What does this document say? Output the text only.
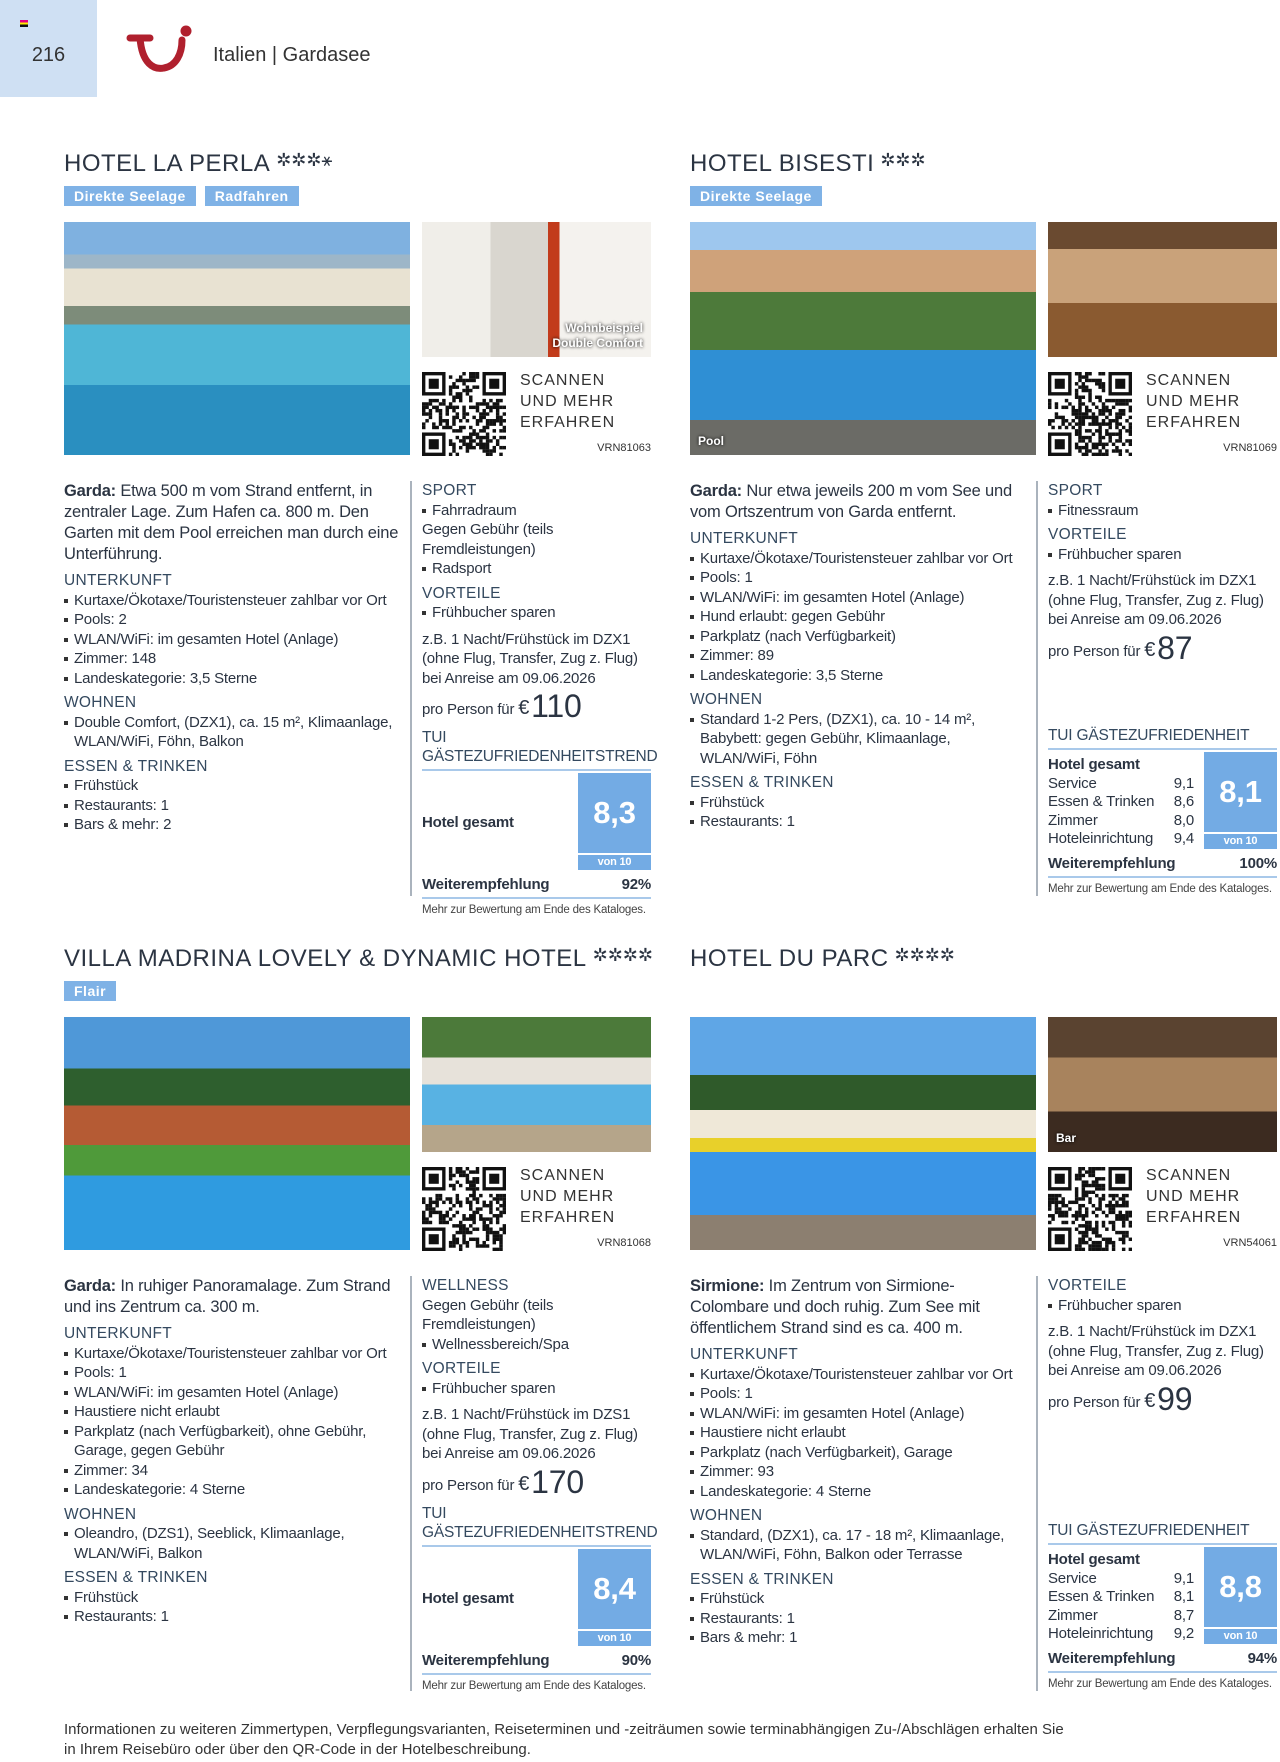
216	Italien | Gardasee
HOTEL LA PERLA ✲✲✲⚹
Direkte Seelage	Radfahren
Wohnbeispiel
Double Comfort
SCANNEN
UND MEHR
ERFAHREN
VRN81063
Garda: Etwa 500 m vom Strand entfernt, in zentraler Lage. Zum Hafen ca. 800 m. Den Garten mit dem Pool erreichen man durch eine Unterführung.
UNTERKUNFT
Kurtaxe/Ökotaxe/Touristensteuer zahlbar vor Ort
Pools: 2
WLAN/WiFi: im gesamten Hotel (Anlage)
Zimmer: 148
Landeskategorie: 3,5 Sterne
WOHNEN
Double Comfort, (DZX1), ca. 15 m², Klimaanlage, WLAN/WiFi, Föhn, Balkon
ESSEN & TRINKEN
Frühstück
Restaurants: 1
Bars & mehr: 2
SPORT
Fahrradraum
Gegen Gebühr (teils Fremdleistungen)
Radsport
VORTEILE
Frühbucher sparen
z.B. 1 Nacht/Frühstück im DZX1 (ohne Flug, Transfer, Zug z. Flug) bei Anreise am 09.06.2026
pro Person für €110
TUI GÄSTEZUFRIEDENHEITSTREND
Hotel gesamt	8,3
von 10
Weiterempfehlung	92%
Mehr zur Bewertung am Ende des Kataloges.
HOTEL BISESTI ✲✲✲
Direkte Seelage
Pool
SCANNEN
UND MEHR
ERFAHREN
VRN81069
Garda: Nur etwa jeweils 200 m vom See und vom Ortszentrum von Garda entfernt.
UNTERKUNFT
Kurtaxe/Ökotaxe/Touristensteuer zahlbar vor Ort
Pools: 1
WLAN/WiFi: im gesamten Hotel (Anlage)
Hund erlaubt: gegen Gebühr
Parkplatz (nach Verfügbarkeit)
Zimmer: 89
Landeskategorie: 3,5 Sterne
WOHNEN
Standard 1-2 Pers, (DZX1), ca. 10 - 14 m², Babybett: gegen Gebühr, Klimaanlage, WLAN/WiFi, Föhn
ESSEN & TRINKEN
Frühstück
Restaurants: 1
SPORT
Fitnessraum
VORTEILE
Frühbucher sparen
z.B. 1 Nacht/Frühstück im DZX1 (ohne Flug, Transfer, Zug z. Flug) bei Anreise am 09.06.2026
pro Person für €87
TUI GÄSTEZUFRIEDENHEIT
Hotel gesamt
Service	9,1
Essen & Trinken 8,6
Zimmer	8,0
Hoteleinrichtung 9,4
8,1
von 10
Weiterempfehlung	100%
Mehr zur Bewertung am Ende des Kataloges.
VILLA MADRINA LOVELY & DYNAMIC HOTEL ✲✲✲✲
Flair
SCANNEN
UND MEHR
ERFAHREN
VRN81068
Garda: In ruhiger Panoramalage. Zum Strand und ins Zentrum ca. 300 m.
UNTERKUNFT
Kurtaxe/Ökotaxe/Touristensteuer zahlbar vor Ort
Pools: 1
WLAN/WiFi: im gesamten Hotel (Anlage)
Haustiere nicht erlaubt
Parkplatz (nach Verfügbarkeit), ohne Gebühr, Garage, gegen Gebühr
Zimmer: 34
Landeskategorie: 4 Sterne
WOHNEN
Oleandro, (DZS1), Seeblick, Klimaanlage, WLAN/WiFi, Balkon
ESSEN & TRINKEN
Frühstück
Restaurants: 1
WELLNESS
Gegen Gebühr (teils Fremdleistungen)
Wellnessbereich/Spa
VORTEILE
Frühbucher sparen
z.B. 1 Nacht/Frühstück im DZS1 (ohne Flug, Transfer, Zug z. Flug) bei Anreise am 09.06.2026
pro Person für €170
TUI GÄSTEZUFRIEDENHEITSTREND
Hotel gesamt	8,4
von 10
Weiterempfehlung	90%
Mehr zur Bewertung am Ende des Kataloges.
HOTEL DU PARC ✲✲✲✲
Bar
SCANNEN
UND MEHR
ERFAHREN
VRN54061
Sirmione: Im Zentrum von Sirmione-Colombare und doch ruhig. Zum See mit öffentlichem Strand sind es ca. 400 m.
UNTERKUNFT
Kurtaxe/Ökotaxe/Touristensteuer zahlbar vor Ort
Pools: 1
WLAN/WiFi: im gesamten Hotel (Anlage)
Haustiere nicht erlaubt
Parkplatz (nach Verfügbarkeit), Garage
Zimmer: 93
Landeskategorie: 4 Sterne
WOHNEN
Standard, (DZX1), ca. 17 - 18 m², Klimaanlage, WLAN/WiFi, Föhn, Balkon oder Terrasse
ESSEN & TRINKEN
Frühstück
Restaurants: 1
Bars & mehr: 1
VORTEILE
Frühbucher sparen
z.B. 1 Nacht/Frühstück im DZX1 (ohne Flug, Transfer, Zug z. Flug) bei Anreise am 09.06.2026
pro Person für €99
TUI GÄSTEZUFRIEDENHEIT
Hotel gesamt
Service	9,1
Essen & Trinken 8,1
Zimmer	8,7
Hoteleinrichtung 9,2
8,8
von 10
Weiterempfehlung	94%
Mehr zur Bewertung am Ende des Kataloges.
Informationen zu weiteren Zimmertypen, Verpflegungsvarianten, Reiseterminen und -zeiträumen sowie terminabhängigen Zu-/Abschlägen erhalten Sie in Ihrem Reisebüro oder über den QR-Code in der Hotelbeschreibung.
